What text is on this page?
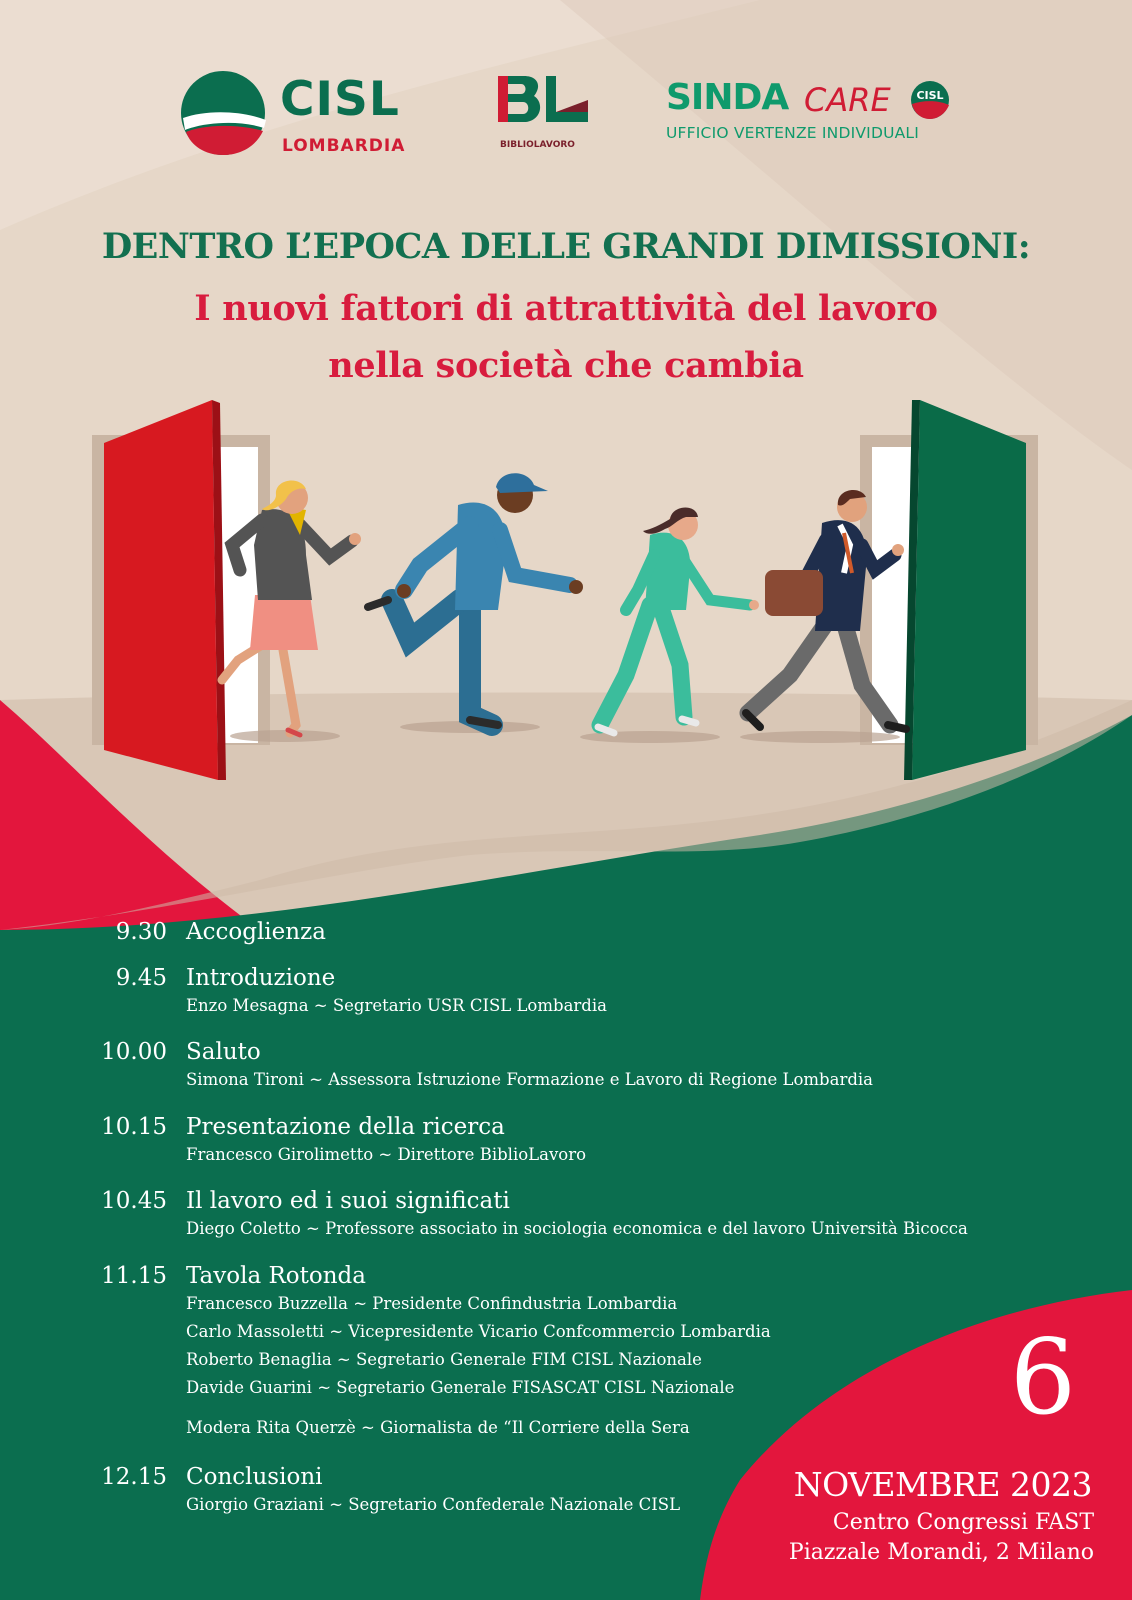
CISL
LOMBARDIA	BIBLIOLAVORO
SINDA CARE CISL
UFFICIO VERTENZE INDIVIDUALI
DENTRO L’EPOCA DELLE GRANDI DIMISSIONI:
I nuovi fattori di attrattività del lavoro
nella società che cambia
9.30 Accoglienza
9.45 Introduzione
Enzo Mesagna ~ Segretario USR CISL Lombardia
10.00 Saluto
Simona Tironi ~ Assessora Istruzione Formazione e Lavoro di Regione Lombardia
10.15 Presentazione della ricerca
Francesco Girolimetto ~ Direttore BiblioLavoro
10.45 Il lavoro ed i suoi significati
Diego Coletto ~ Professore associato in sociologia economica e del lavoro Università Bicocca
11.15 Tavola Rotonda
Francesco Buzzella ~ Presidente Confindustria Lombardia
Carlo Massoletti ~ Vicepresidente Vicario Confcommercio Lombardia
Roberto Benaglia ~ Segretario Generale FIM CISL Nazionale
Davide Guarini ~ Segretario Generale FISASCAT CISL Nazionale
Modera Rita Querzè ~ Giornalista de “Il Corriere della Sera
12.15 Conclusioni
Giorgio Graziani ~ Segretario Confederale Nazionale CISL
6
NOVEMBRE 2023
Centro Congressi FAST
Piazzale Morandi, 2 Milano
